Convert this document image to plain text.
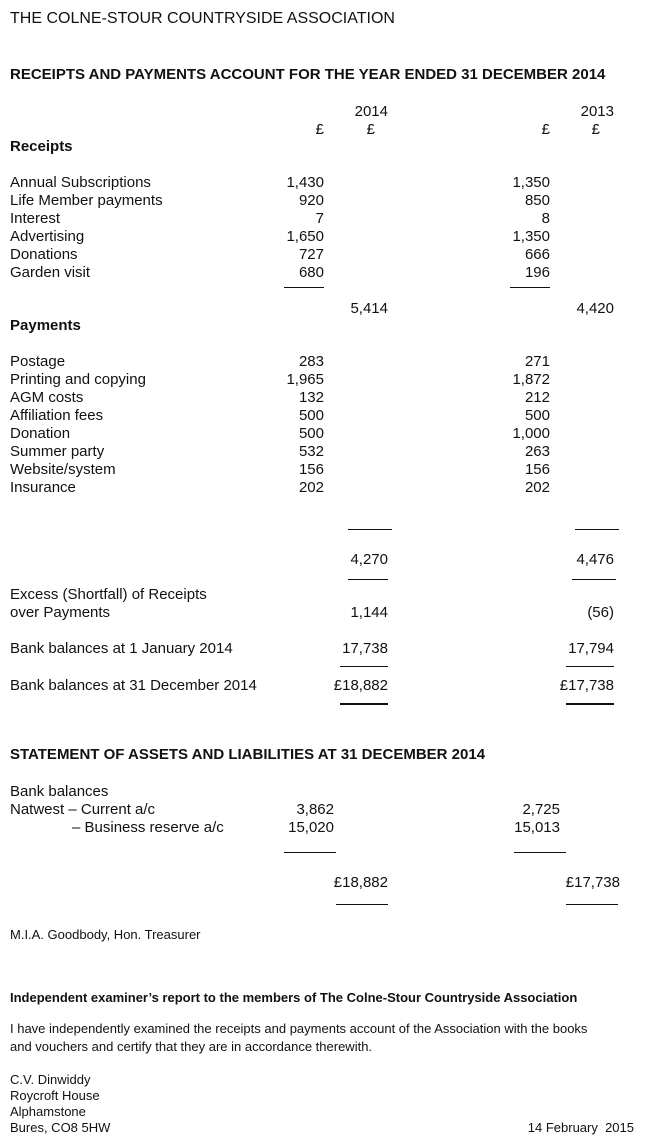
THE COLNE-STOUR COUNTRYSIDE ASSOCIATION
RECEIPTS AND PAYMENTS ACCOUNT FOR THE YEAR ENDED 31 DECEMBER 2014
2014	2013
£	£	£	£
Receipts
Annual Subscriptions	1,430	1,350
Life Member payments	920	850
Interest	7	8
Advertising	1,650	1,350
Donations	727	666
Garden visit	680	196
5,414	4,420
Payments
Postage	283	271
Printing and copying	1,965	1,872
AGM costs	132	212
Affiliation fees	500	500
Donation	500	1,000
Summer party	532	263
Website/system	156	156
Insurance	202	202
4,270	4,476
Excess (Shortfall) of Receipts
over Payments	1,144	(56)
Bank balances at 1 January 2014	17,738	17,794
Bank balances at 31 December 2014	£18,882	£17,738
STATEMENT OF ASSETS AND LIABILITIES AT 31 DECEMBER 2014
Bank balances
Natwest – Current a/c	3,862	2,725
– Business reserve a/c	15,020	15,013
£18,882	£17,738
M.I.A. Goodbody, Hon. Treasurer
Independent examiner’s report to the members of The Colne-Stour Countryside Association
I have independently examined the receipts and payments account of the Association with the books
and vouchers and certify that they are in accordance therewith.
C.V. Dinwiddy
Roycroft House
Alphamstone
Bures, CO8 5HW	14 February  2015
